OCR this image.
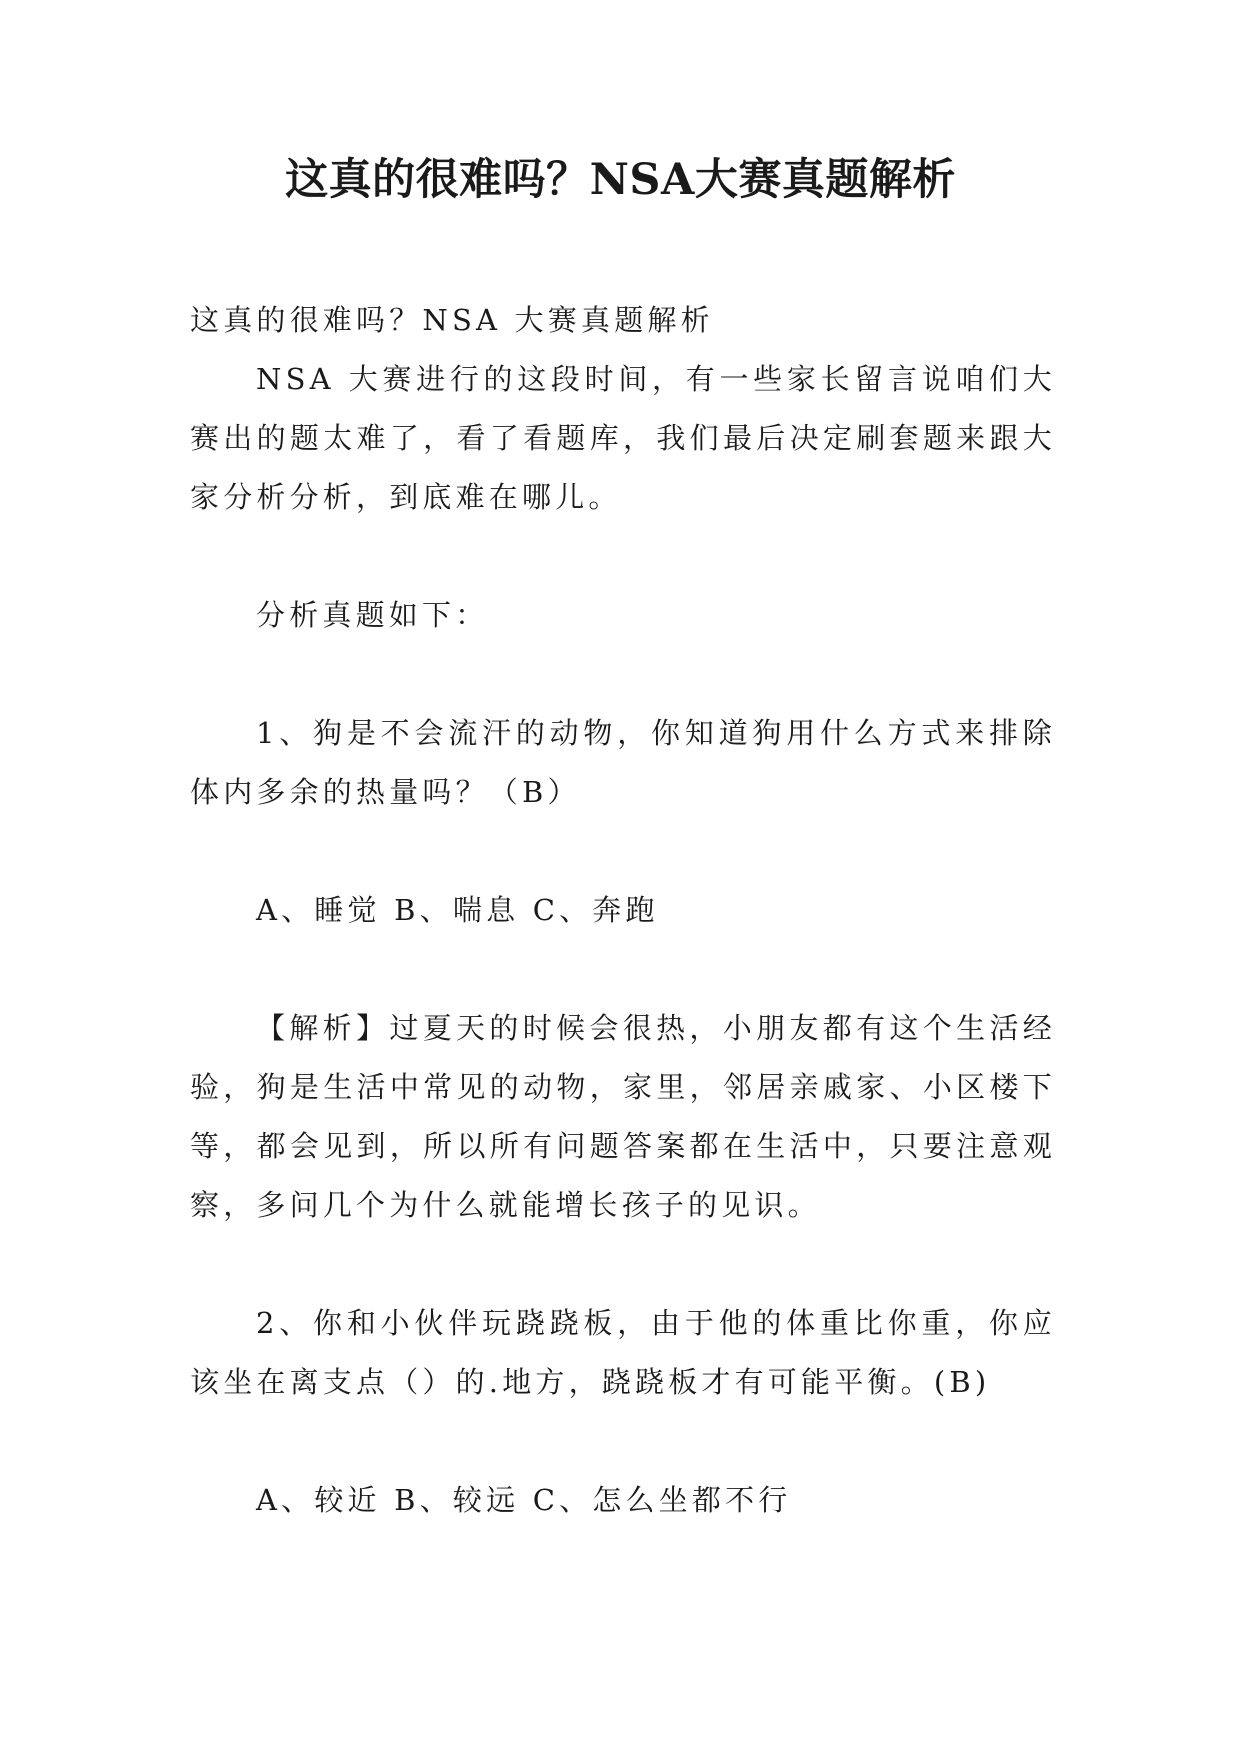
这真的很难吗？NSA大赛真题解析

这真的很难吗？NSA 大赛真题解析

NSA 大赛进行的这段时间，有一些家长留言说咱们大赛出的题太难了，看了看题库，我们最后决定刷套题来跟大家分析分析，到底难在哪儿。

分析真题如下：

1、狗是不会流汗的动物，你知道狗用什么方式来排除体内多余的热量吗？（B）

A、睡觉 B、喘息 C、奔跑

【解析】过夏天的时候会很热，小朋友都有这个生活经验，狗是生活中常见的动物，家里，邻居亲戚家、小区楼下等，都会见到，所以所有问题答案都在生活中，只要注意观察，多问几个为什么就能增长孩子的见识。

2、你和小伙伴玩跷跷板，由于他的体重比你重，你应该坐在离支点（）的.地方，跷跷板才有可能平衡。(B)

A、较近 B、较远 C、怎么坐都不行
